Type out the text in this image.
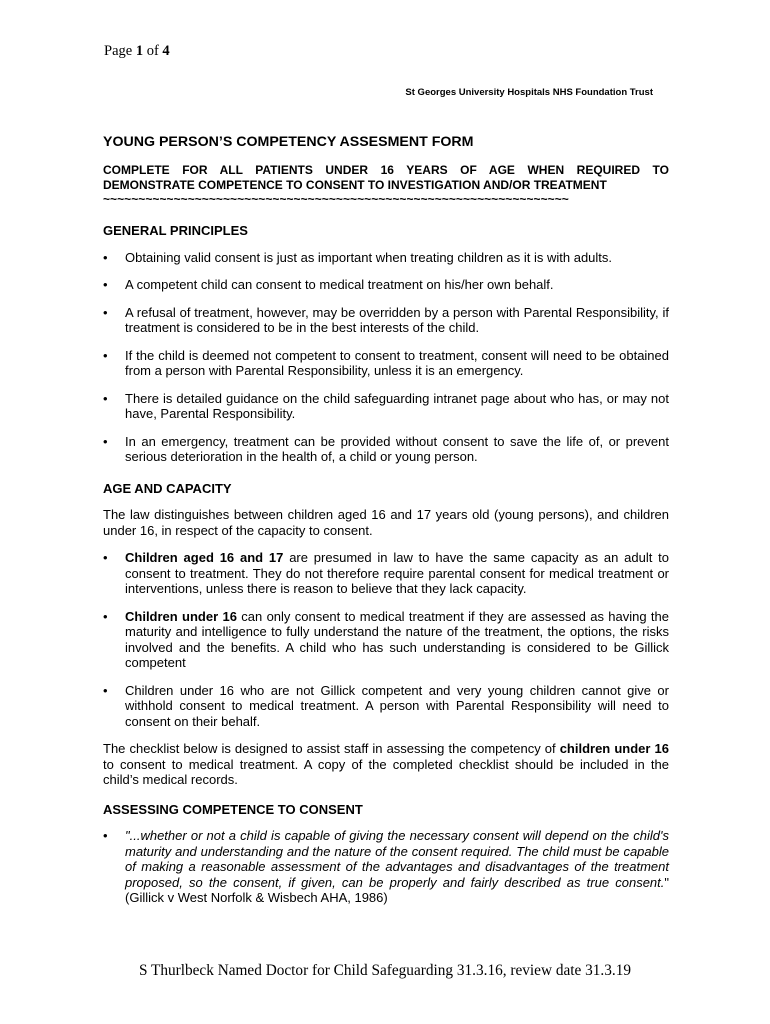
Page 1 of 4
St Georges University Hospitals NHS Foundation Trust
YOUNG PERSON’S COMPETENCY ASSESMENT FORM
COMPLETE FOR ALL PATIENTS UNDER 16 YEARS OF AGE WHEN REQUIRED TO
DEMONSTRATE COMPETENCE TO CONSENT TO INVESTIGATION AND/OR TREATMENT
~~~~~~~~~~~~~~~~~~~~~~~~~~~~~~~~~~~~~~~~~~~~~~~~~~~~~~~~~~~~~~~~~~
GENERAL PRINCIPLES
• Obtaining valid consent is just as important when treating children as it is with adults.
• A competent child can consent to medical treatment on his/her own behalf.
• A refusal of treatment, however, may be overridden by a person with Parental Responsibility, if treatment is considered to be in the best interests of the child.
• If the child is deemed not competent to consent to treatment, consent will need to be obtained from a person with Parental Responsibility, unless it is an emergency.
• There is detailed guidance on the child safeguarding intranet page about who has, or may not have, Parental Responsibility.
• In an emergency, treatment can be provided without consent to save the life of, or prevent serious deterioration in the health of, a child or young person.
AGE AND CAPACITY
The law distinguishes between children aged 16 and 17 years old (young persons), and children under 16, in respect of the capacity to consent.
• Children aged 16 and 17 are presumed in law to have the same capacity as an adult to consent to treatment. They do not therefore require parental consent for medical treatment or interventions, unless there is reason to believe that they lack capacity.
• Children under 16 can only consent to medical treatment if they are assessed as having the maturity and intelligence to fully understand the nature of the treatment, the options, the risks involved and the benefits. A child who has such understanding is considered to be Gillick competent
• Children under 16 who are not Gillick competent and very young children cannot give or withhold consent to medical treatment. A person with Parental Responsibility will need to consent on their behalf.
The checklist below is designed to assist staff in assessing the competency of children under 16 to consent to medical treatment. A copy of the completed checklist should be included in the child’s medical records.
ASSESSING COMPETENCE TO CONSENT
• "...whether or not a child is capable of giving the necessary consent will depend on the child's maturity and understanding and the nature of the consent required. The child must be capable of making a reasonable assessment of the advantages and disadvantages of the treatment proposed, so the consent, if given, can be properly and fairly described as true consent." (Gillick v West Norfolk & Wisbech AHA, 1986)
S Thurlbeck Named Doctor for Child Safeguarding 31.3.16, review date 31.3.19
